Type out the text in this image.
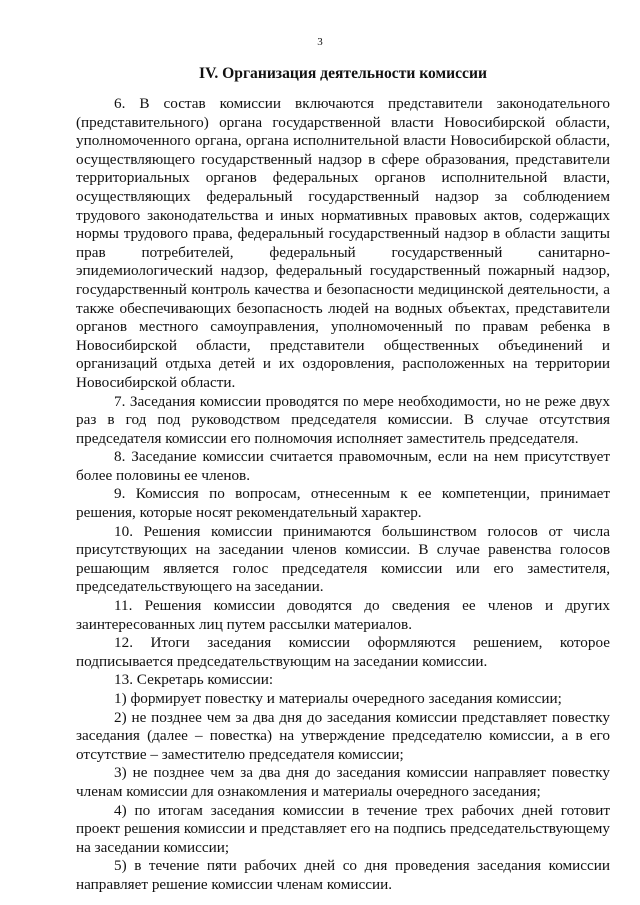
3
IV. Организация деятельности комиссии

6. В состав комиссии включаются представители законодательного (представительного) органа государственной власти Новосибирской области, уполномоченного органа, органа исполнительной власти Новосибирской области, осуществляющего государственный надзор в сфере образования, представители территориальных органов федеральных органов исполнительной власти, осуществляющих федеральный государственный надзор за соблюдением трудового законодательства и иных нормативных правовых актов, содержащих нормы трудового права, федеральный государственный надзор в области защиты прав потребителей, федеральный государственный санитарно-эпидемиологический надзор, федеральный государственный пожарный надзор, государственный контроль качества и безопасности медицинской деятельности, а также обеспечивающих безопасность людей на водных объектах, представители органов местного самоуправления, уполномоченный по правам ребенка в Новосибирской области, представители общественных объединений и организаций отдыха детей и их оздоровления, расположенных на территории Новосибирской области.

7. Заседания комиссии проводятся по мере необходимости, но не реже двух раз в год под руководством председателя комиссии. В случае отсутствия председателя комиссии его полномочия исполняет заместитель председателя.

8. Заседание комиссии считается правомочным, если на нем присутствует более половины ее членов.

9. Комиссия по вопросам, отнесенным к ее компетенции, принимает решения, которые носят рекомендательный характер.

10. Решения комиссии принимаются большинством голосов от числа присутствующих на заседании членов комиссии. В случае равенства голосов решающим является голос председателя комиссии или его заместителя, председательствующего на заседании.

11. Решения комиссии доводятся до сведения ее членов и других заинтересованных лиц путем рассылки материалов.

12. Итоги заседания комиссии оформляются решением, которое подписывается председательствующим на заседании комиссии.

13. Секретарь комиссии:

1) формирует повестку и материалы очередного заседания комиссии;

2) не позднее чем за два дня до заседания комиссии представляет повестку заседания (далее – повестка) на утверждение председателю комиссии, а в его отсутствие – заместителю председателя комиссии;

3) не позднее чем за два дня до заседания комиссии направляет повестку членам комиссии для ознакомления и материалы очередного заседания;

4) по итогам заседания комиссии в течение трех рабочих дней готовит проект решения комиссии и представляет его на подпись председательствующему на заседании комиссии;

5) в течение пяти рабочих дней со дня проведения заседания комиссии направляет решение комиссии членам комиссии.
